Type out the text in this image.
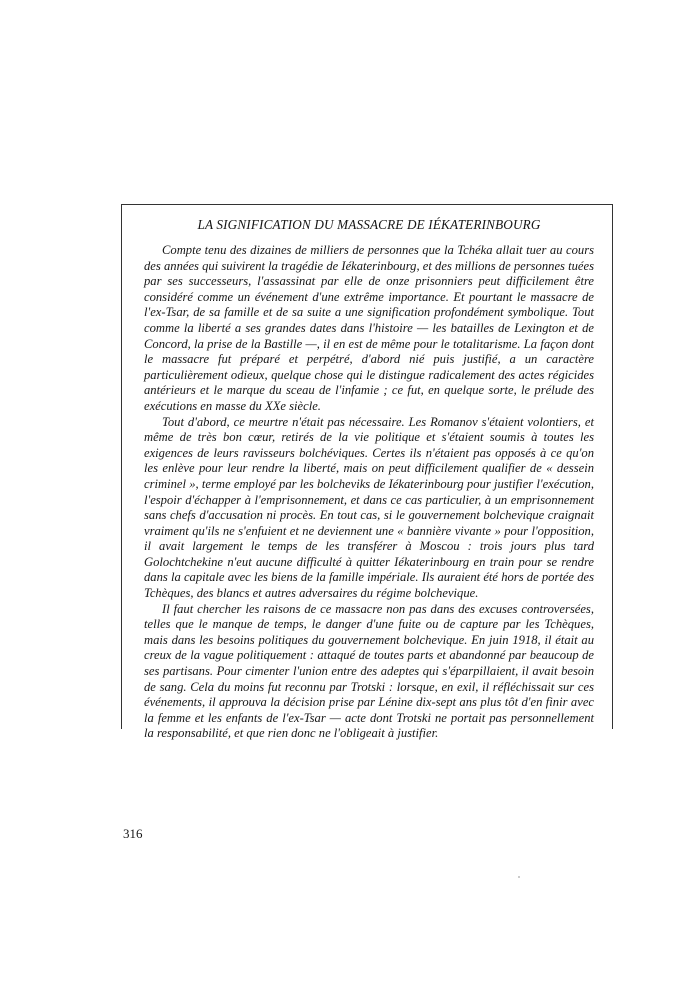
LA SIGNIFICATION DU MASSACRE DE IÉKATERINBOURG

Compte tenu des dizaines de milliers de personnes que la Tchéka allait tuer au cours des années qui suivirent la tragédie de Iékaterinbourg, et des millions de personnes tuées par ses successeurs, l'assassinat par elle de onze prisonniers peut difficilement être considéré comme un événement d'une extrême importance. Et pourtant le massacre de l'ex-Tsar, de sa famille et de sa suite a une signification profondément symbolique. Tout comme la liberté a ses grandes dates dans l'histoire — les batailles de Lexington et de Concord, la prise de la Bastille —, il en est de même pour le totalitarisme. La façon dont le massacre fut préparé et perpétré, d'abord nié puis justifié, a un caractère particulièrement odieux, quelque chose qui le distingue radicalement des actes régicides antérieurs et le marque du sceau de l'infamie ; ce fut, en quelque sorte, le prélude des exécutions en masse du XXe siècle.

Tout d'abord, ce meurtre n'était pas nécessaire. Les Romanov s'étaient volontiers, et même de très bon cœur, retirés de la vie politique et s'étaient soumis à toutes les exigences de leurs ravisseurs bolchéviques. Certes ils n'étaient pas opposés à ce qu'on les enlève pour leur rendre la liberté, mais on peut difficilement qualifier de « dessein criminel », terme employé par les bolcheviks de Iékaterinbourg pour justifier l'exécution, l'espoir d'échapper à l'emprisonnement, et dans ce cas particulier, à un emprisonnement sans chefs d'accusation ni procès. En tout cas, si le gouvernement bolchevique craignait vraiment qu'ils ne s'enfuient et ne deviennent une « bannière vivante » pour l'opposition, il avait largement le temps de les transférer à Moscou : trois jours plus tard Golochtchekine n'eut aucune difficulté à quitter Iékaterinbourg en train pour se rendre dans la capitale avec les biens de la famille impériale. Ils auraient été hors de portée des Tchèques, des blancs et autres adversaires du régime bolchevique.

Il faut chercher les raisons de ce massacre non pas dans des excuses controversées, telles que le manque de temps, le danger d'une fuite ou de capture par les Tchèques, mais dans les besoins politiques du gouvernement bolchevique. En juin 1918, il était au creux de la vague politiquement : attaqué de toutes parts et abandonné par beaucoup de ses partisans. Pour cimenter l'union entre des adeptes qui s'éparpillaient, il avait besoin de sang. Cela du moins fut reconnu par Trotski : lorsque, en exil, il réfléchissait sur ces événements, il approuva la décision prise par Lénine dix-sept ans plus tôt d'en finir avec la femme et les enfants de l'ex-Tsar — acte dont Trotski ne portait pas personnellement la responsabilité, et que rien donc ne l'obligeait à justifier.

316
